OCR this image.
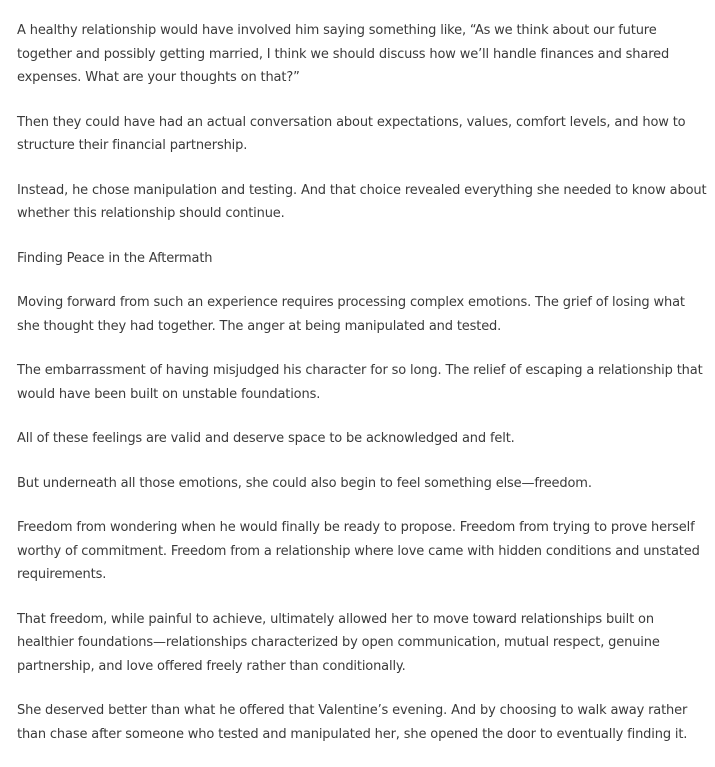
A healthy relationship would have involved him saying something like, “As we think about our future together and possibly getting married, I think we should discuss how we’ll handle finances and shared expenses. What are your thoughts on that?”

Then they could have had an actual conversation about expectations, values, comfort levels, and how to structure their financial partnership.

Instead, he chose manipulation and testing. And that choice revealed everything she needed to know about whether this relationship should continue.

Finding Peace in the Aftermath

Moving forward from such an experience requires processing complex emotions. The grief of losing what she thought they had together. The anger at being manipulated and tested.

The embarrassment of having misjudged his character for so long. The relief of escaping a relationship that would have been built on unstable foundations.

All of these feelings are valid and deserve space to be acknowledged and felt.

But underneath all those emotions, she could also begin to feel something else—freedom.

Freedom from wondering when he would finally be ready to propose. Freedom from trying to prove herself worthy of commitment. Freedom from a relationship where love came with hidden conditions and unstated requirements.

That freedom, while painful to achieve, ultimately allowed her to move toward relationships built on healthier foundations—relationships characterized by open communication, mutual respect, genuine partnership, and love offered freely rather than conditionally.

She deserved better than what he offered that Valentine’s evening. And by choosing to walk away rather than chase after someone who tested and manipulated her, she opened the door to eventually finding it.
